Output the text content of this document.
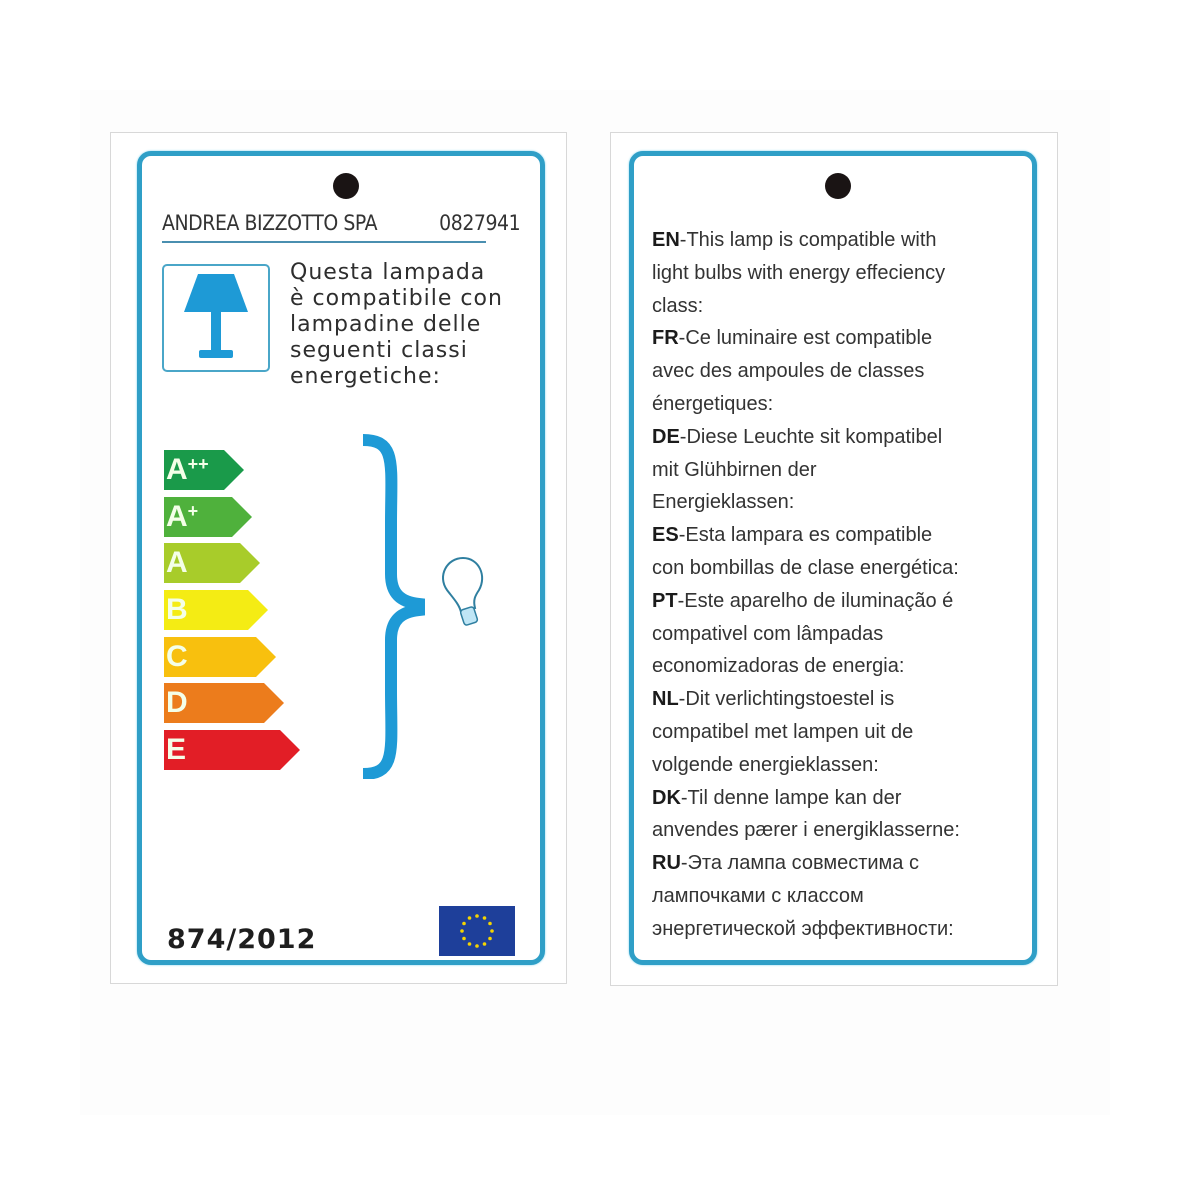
ANDREA BIZZOTTO SPA	0827941
Questa lampada
è compatibile con
lampadine delle
seguenti classi
energetiche:
A++
A+
A
B
C
D
E
874/2012

EN-This lamp is compatible with

light bulbs with energy effeciency

class:

FR-Ce luminaire est compatible

avec des ampoules de classes

énergetiques:

DE-Diese Leuchte sit kompatibel

mit Glühbirnen der

Energieklassen:

ES-Esta lampara es compatible

con bombillas de clase energética:

PT-Este aparelho de iluminação é

compativel com lâmpadas

economizadoras de energia:

NL-Dit verlichtingstoestel is

compatibel met lampen uit de

volgende energieklassen:

DK-Til denne lampe kan der

anvendes pærer i energiklasserne:

RU-Эта лампа совместима с

лампочками с классом

энергетической эффективности:
